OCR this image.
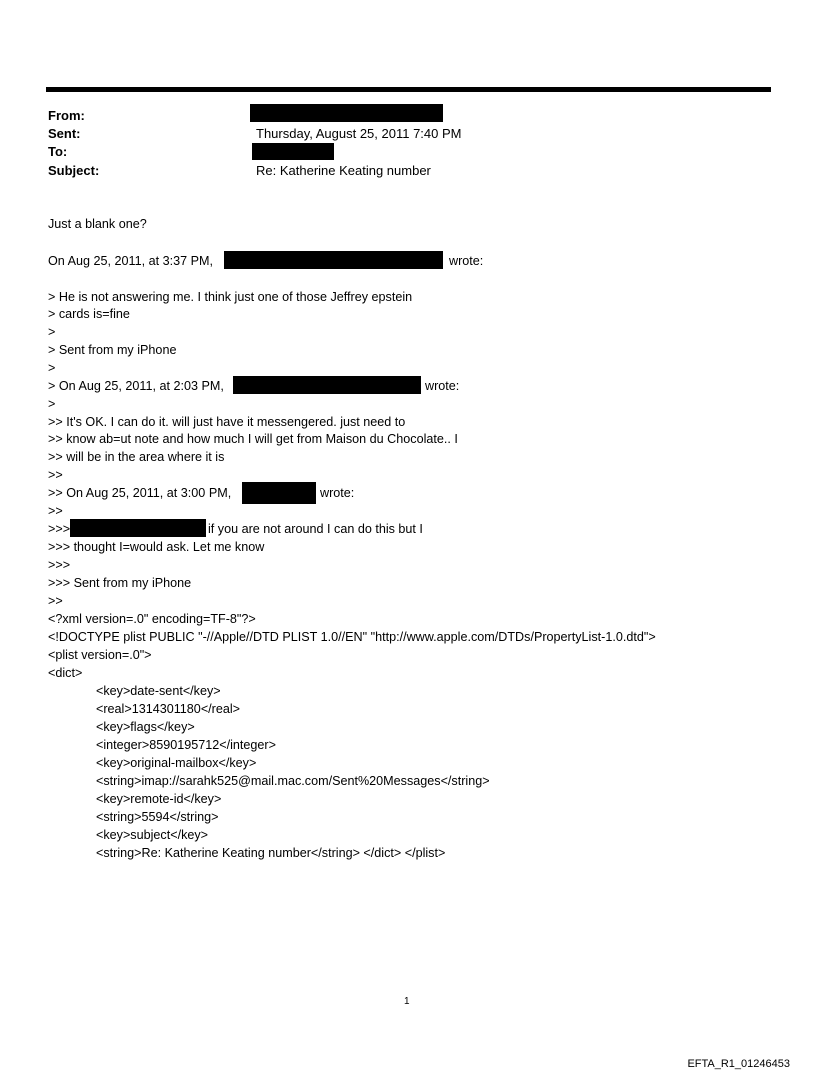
From:
Sent:	Thursday, August 25, 2011 7:40 PM
To:
Subject:	Re: Katherine Keating number
Just a blank one?
On Aug 25, 2011, at 3:37 PM,	wrote:
> He is not answering me. I think just one of those Jeffrey epstein
> cards is=fine
>
> Sent from my iPhone
>
> On Aug 25, 2011, at 2:03 PM,	wrote:
>
>> It's OK. I can do it. will just have it messengered. just need to
>> know ab=ut note and how much I will get from Maison du Chocolate.. I
>> will be in the area where it is
>>
>> On Aug 25, 2011, at 3:00 PM,	wrote:
>>
>>>	if you are not around I can do this but I
>>> thought I=would ask. Let me know
>>>
>>> Sent from my iPhone
>>
<?xml version=.0" encoding=TF-8"?>
<!DOCTYPE plist PUBLIC "-//Apple//DTD PLIST 1.0//EN" "http://www.apple.com/DTDs/PropertyList-1.0.dtd">
<plist version=.0">
<dict>
<key>date-sent</key>
<real>1314301180</real>
<key>flags</key>
<integer>8590195712</integer>
<key>original-mailbox</key>
<string>imap://sarahk525@mail.mac.com/Sent%20Messages</string>
<key>remote-id</key>
<string>5594</string>
<key>subject</key>
<string>Re: Katherine Keating number</string> </dict> </plist>
1
EFTA_R1_01246453
